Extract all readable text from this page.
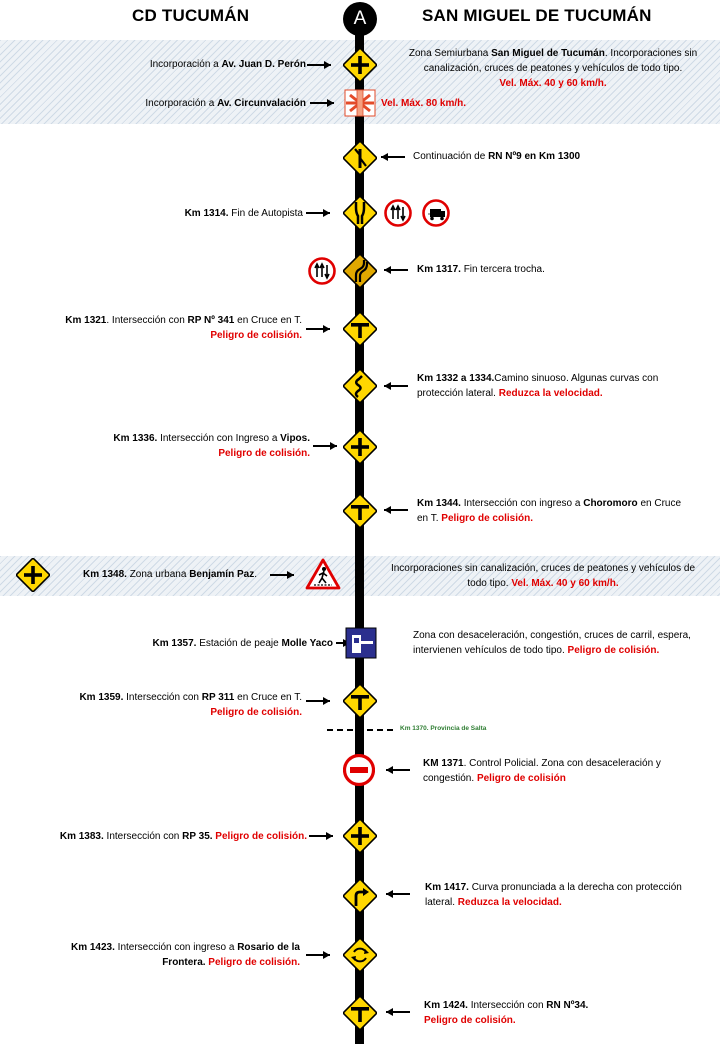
CD TUCUMÁN	SAN MIGUEL DE TUCUMÁN
A
Incorporación a Av. Juan D. Perón
Zona Semiurbana San Miguel de Tucumán. Incorporaciones sin
canalización, cruces de peatones y vehículos de todo tipo.
Vel. Máx. 40 y 60 km/h.
Incorporación a Av. Circunvalación	Vel. Máx. 80 km/h.
Continuación de RN Nº9 en Km 1300
Km 1314. Fin de Autopista
Km 1317. Fin tercera trocha.
Km 1321. Intersección con RP Nº 341 en Cruce en T.
Peligro de colisión.
Km 1332 a 1334.Camino sinuoso. Algunas curvas con
protección lateral. Reduzca la velocidad.
Km 1336. Intersección con Ingreso a Vipos.
Peligro de colisión.
Km 1344. Intersección con ingreso a Choromoro en Cruce
en T. Peligro de colisión.
Km 1348. Zona urbana Benjamín Paz.
Incorporaciones sin canalización, cruces de peatones y vehículos de
todo tipo. Vel. Máx. 40 y 60 km/h.
Km 1357. Estación de peaje Molle Yaco
Zona con desaceleración, congestión, cruces de carril, espera,
intervienen vehículos de todo tipo. Peligro de colisión.
Km 1359. Intersección con RP 311 en Cruce en T.
Peligro de colisión.
Km 1370. Provincia de Salta
KM 1371. Control Policial. Zona con desaceleración y
congestión. Peligro de colisión
Km 1383. Intersección con RP 35. Peligro de colisión.
Km 1417. Curva pronunciada a la derecha con protección
lateral. Reduzca la velocidad.
Km 1423. Intersección con ingreso a Rosario de la
Frontera. Peligro de colisión.
Km 1424. Intersección con RN Nº34.
Peligro de colisión.
